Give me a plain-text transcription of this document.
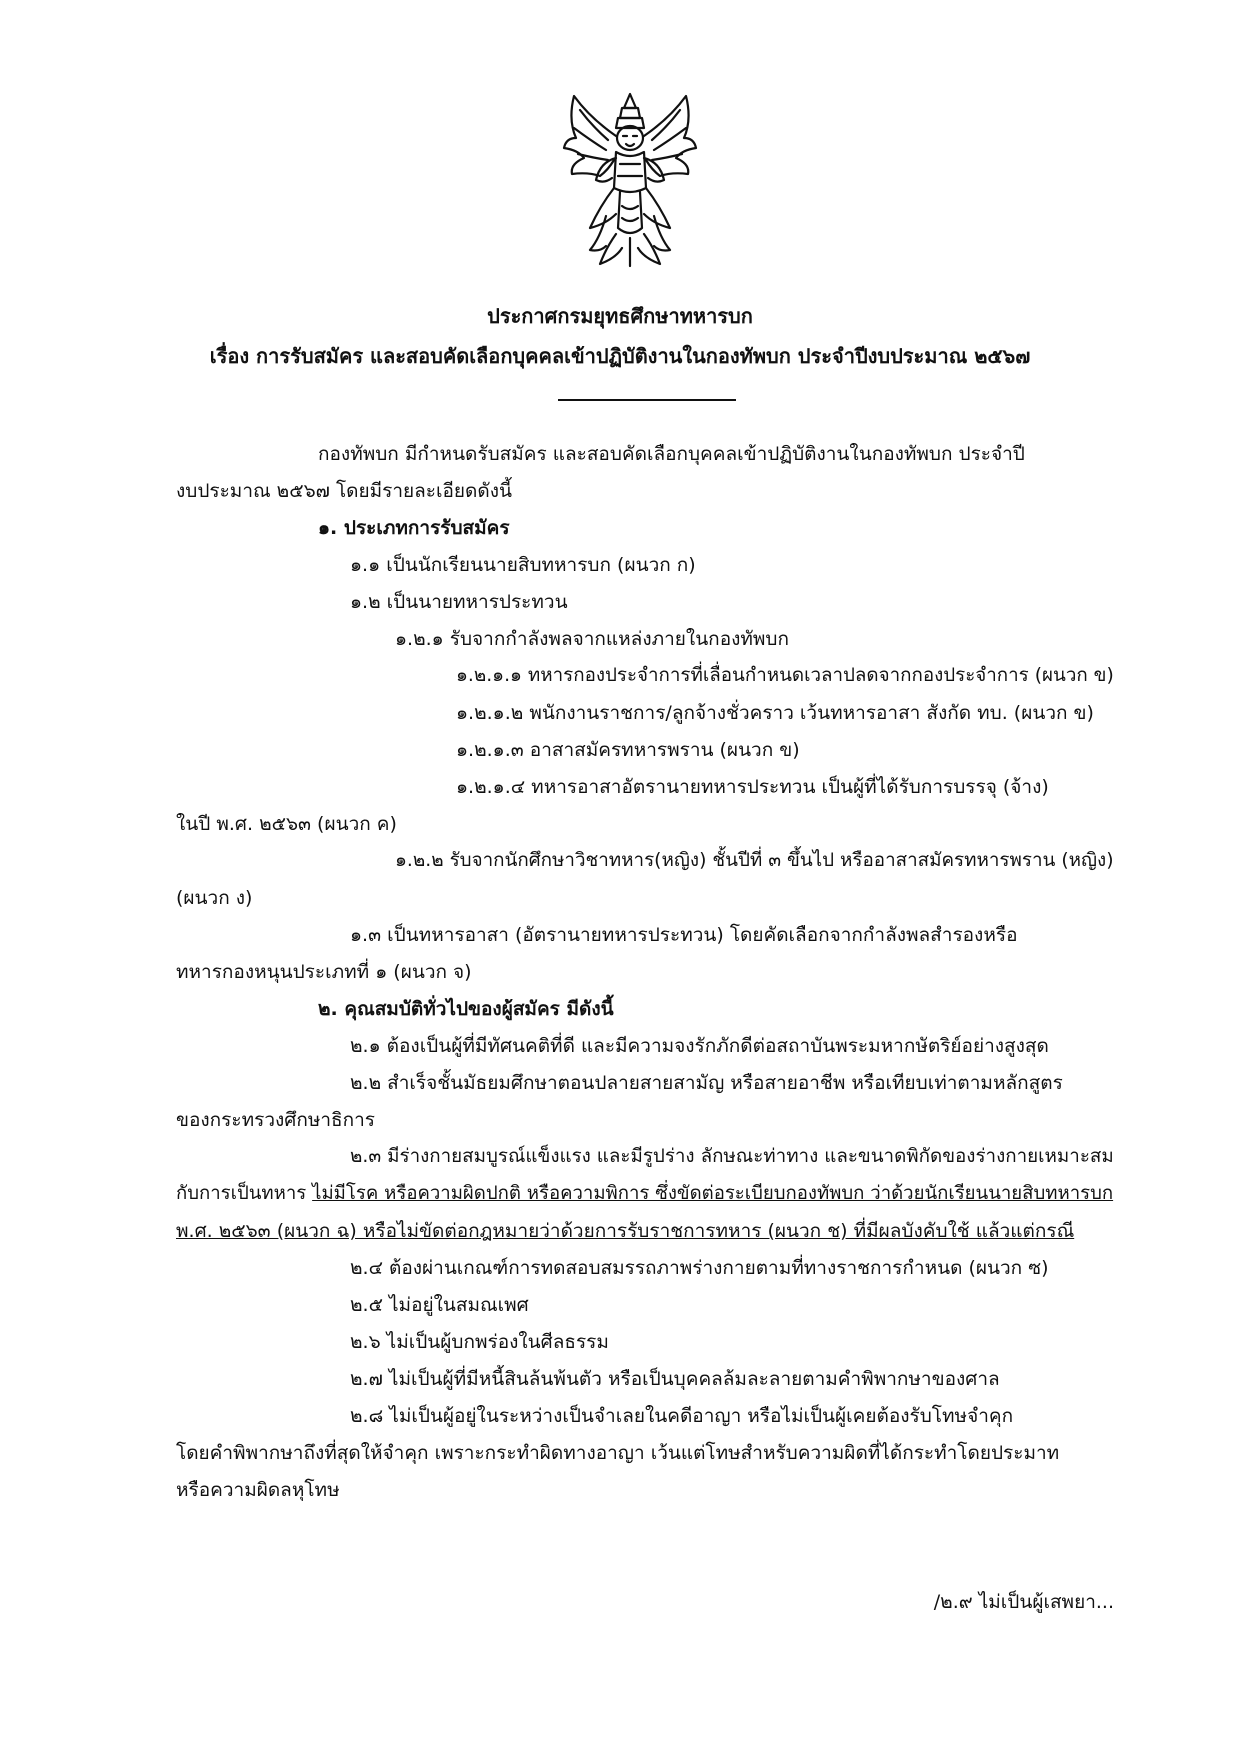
ประกาศกรมยุทธศึกษาทหารบก
เรื่อง การรับสมัคร และสอบคัดเลือกบุคคลเข้าปฏิบัติงานในกองทัพบก ประจำปีงบประมาณ ๒๕๖๗
กองทัพบก มีกำหนดรับสมัคร และสอบคัดเลือกบุคคลเข้าปฏิบัติงานในกองทัพบก ประจำปี
งบประมาณ ๒๕๖๗ โดยมีรายละเอียดดังนี้
๑. ประเภทการรับสมัคร
๑.๑ เป็นนักเรียนนายสิบทหารบก (ผนวก ก)
๑.๒ เป็นนายทหารประทวน
๑.๒.๑ รับจากกำลังพลจากแหล่งภายในกองทัพบก
๑.๒.๑.๑ ทหารกองประจำการที่เลื่อนกำหนดเวลาปลดจากกองประจำการ (ผนวก ข)
๑.๒.๑.๒ พนักงานราชการ/ลูกจ้างชั่วคราว เว้นทหารอาสา สังกัด ทบ. (ผนวก ข)
๑.๒.๑.๓ อาสาสมัครทหารพราน (ผนวก ข)
๑.๒.๑.๔ ทหารอาสาอัตรานายทหารประทวน เป็นผู้ที่ได้รับการบรรจุ (จ้าง)
ในปี พ.ศ. ๒๕๖๓ (ผนวก ค)
๑.๒.๒ รับจากนักศึกษาวิชาทหาร(หญิง) ชั้นปีที่ ๓ ขึ้นไป หรืออาสาสมัครทหารพราน (หญิง)
(ผนวก ง)
๑.๓ เป็นทหารอาสา (อัตรานายทหารประทวน) โดยคัดเลือกจากกำลังพลสำรองหรือ
ทหารกองหนุนประเภทที่ ๑ (ผนวก จ)
๒. คุณสมบัติทั่วไปของผู้สมัคร มีดังนี้
๒.๑ ต้องเป็นผู้ที่มีทัศนคติที่ดี และมีความจงรักภักดีต่อสถาบันพระมหากษัตริย์อย่างสูงสุด
๒.๒ สำเร็จชั้นมัธยมศึกษาตอนปลายสายสามัญ หรือสายอาชีพ หรือเทียบเท่าตามหลักสูตร
ของกระทรวงศึกษาธิการ
๒.๓ มีร่างกายสมบูรณ์แข็งแรง และมีรูปร่าง ลักษณะท่าทาง และขนาดพิกัดของร่างกายเหมาะสม
กับการเป็นทหาร ไม่มีโรค หรือความผิดปกติ หรือความพิการ ซึ่งขัดต่อระเบียบกองทัพบก ว่าด้วยนักเรียนนายสิบทหารบก
พ.ศ. ๒๕๖๓ (ผนวก ฉ) หรือไม่ขัดต่อกฎหมายว่าด้วยการรับราชการทหาร (ผนวก ช) ที่มีผลบังคับใช้ แล้วแต่กรณี
๒.๔ ต้องผ่านเกณฑ์การทดสอบสมรรถภาพร่างกายตามที่ทางราชการกำหนด (ผนวก ซ)
๒.๕ ไม่อยู่ในสมณเพศ
๒.๖ ไม่เป็นผู้บกพร่องในศีลธรรม
๒.๗ ไม่เป็นผู้ที่มีหนี้สินล้นพ้นตัว หรือเป็นบุคคลล้มละลายตามคำพิพากษาของศาล
๒.๘ ไม่เป็นผู้อยู่ในระหว่างเป็นจำเลยในคดีอาญา หรือไม่เป็นผู้เคยต้องรับโทษจำคุก
โดยคำพิพากษาถึงที่สุดให้จำคุก เพราะกระทำผิดทางอาญา เว้นแต่โทษสำหรับความผิดที่ได้กระทำโดยประมาท
หรือความผิดลหุโทษ
/๒.๙ ไม่เป็นผู้เสพยา...
